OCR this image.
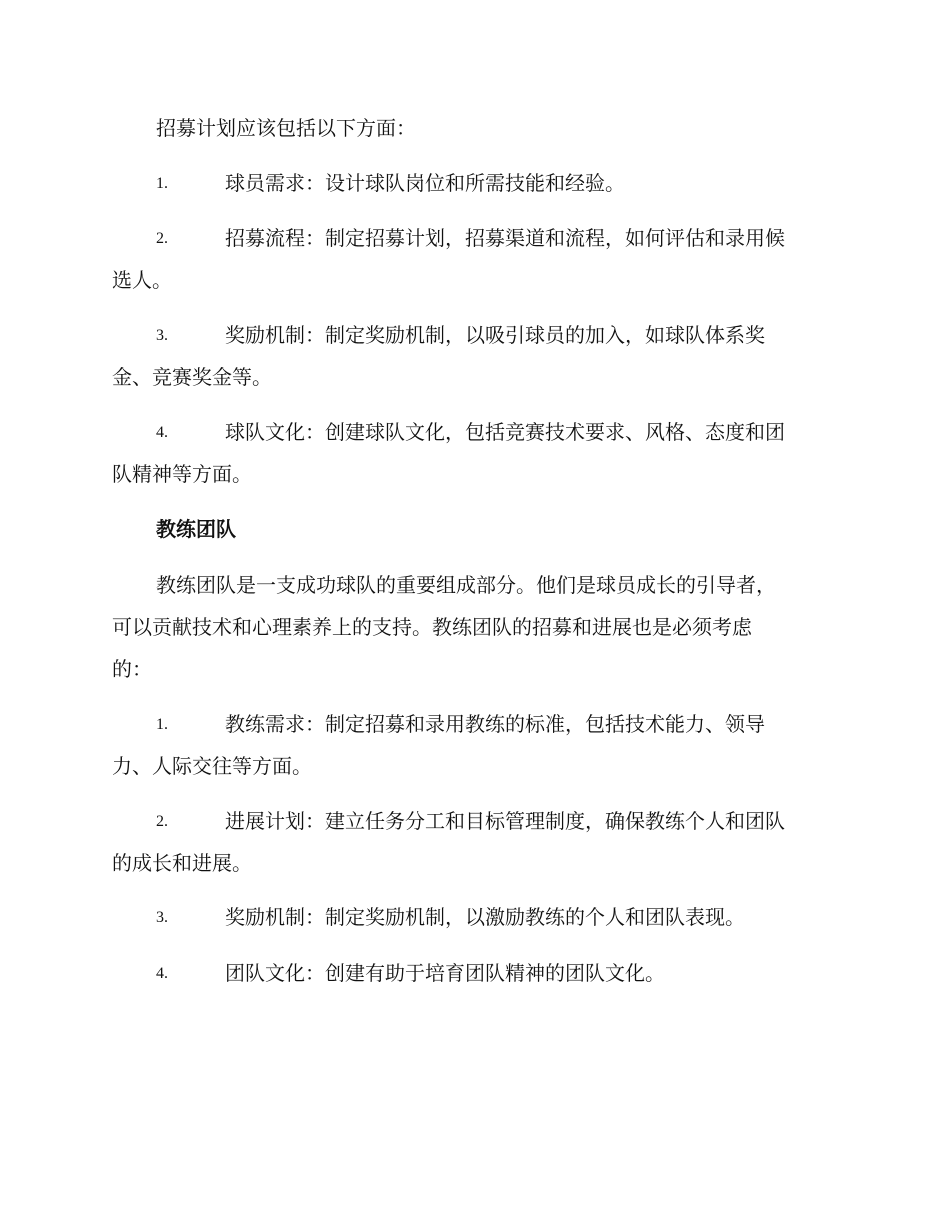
招募计划应该包括以下方面：
1.	球员需求：设计球队岗位和所需技能和经验。
2.	招募流程：制定招募计划，招募渠道和流程，如何评估和录用候
选人。
3.	奖励机制：制定奖励机制，以吸引球员的加入，如球队体系奖
金、竞赛奖金等。
4.	球队文化：创建球队文化，包括竞赛技术要求、风格、态度和团
队精神等方面。
教练团队
教练团队是一支成功球队的重要组成部分。他们是球员成长的引导者，
可以贡献技术和心理素养上的支持。教练团队的招募和进展也是必须考虑
的：
1.	教练需求：制定招募和录用教练的标准，包括技术能力、领导
力、人际交往等方面。
2.	进展计划：建立任务分工和目标管理制度，确保教练个人和团队
的成长和进展。
3.	奖励机制：制定奖励机制，以激励教练的个人和团队表现。
4.	团队文化：创建有助于培育团队精神的团队文化。
